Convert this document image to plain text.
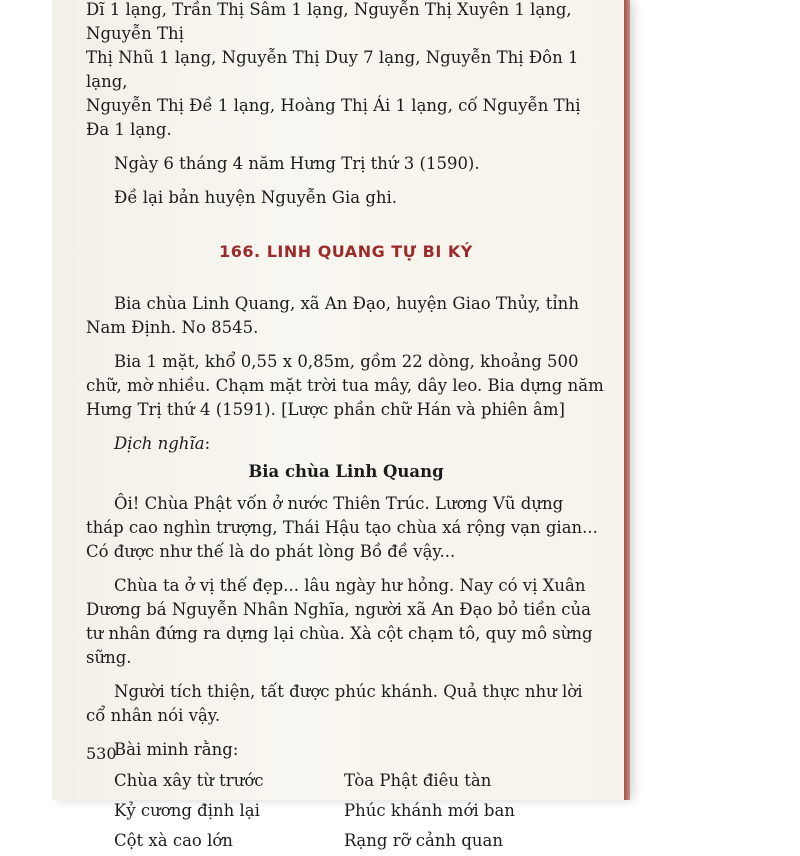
Dĩ 1 lạng, Trần Thị Sâm 1 lạng, Nguyễn Thị Xuyên 1 lạng, Nguyễn Thị
Thị Nhũ 1 lạng, Nguyễn Thị Duy 7 lạng, Nguyễn Thị Đôn 1 lạng,
Nguyễn Thị Đề 1 lạng, Hoàng Thị Ái 1 lạng, cố Nguyễn Thị Đa 1 lạng.

Ngày 6 tháng 4 năm Hưng Trị thứ 3 (1590).

Đề lại bản huyện Nguyễn Gia ghi.

166. LINH QUANG TỰ BI KÝ

Bia chùa Linh Quang, xã An Đạo, huyện Giao Thủy, tỉnh Nam Định. No 8545.

Bia 1 mặt, khổ 0,55 x 0,85m, gồm 22 dòng, khoảng 500 chữ, mờ nhiều. Chạm mặt trời tua mây, dây leo. Bia dựng năm Hưng Trị thứ 4 (1591). [Lược phần chữ Hán và phiên âm]

Dịch nghĩa:

Bia chùa Linh Quang

Ôi! Chùa Phật vốn ở nước Thiên Trúc. Lương Vũ dựng tháp cao nghìn trượng, Thái Hậu tạo chùa xá rộng vạn gian... Có được như thế là do phát lòng Bồ đề vậy...

Chùa ta ở vị thế đẹp... lâu ngày hư hỏng. Nay có vị Xuân Dương bá Nguyễn Nhân Nghĩa, người xã An Đạo bỏ tiền của tư nhân đứng ra dựng lại chùa. Xà cột chạm tô, quy mô sừng sững.

Người tích thiện, tất được phúc khánh. Quả thực như lời cổ nhân nói vậy.

Bài minh rằng:

Chùa xây từ trước	Tòa Phật điêu tàn
Kỷ cương định lại	Phúc khánh mới ban
Cột xà cao lớn	Rạng rỡ cảnh quan
530
